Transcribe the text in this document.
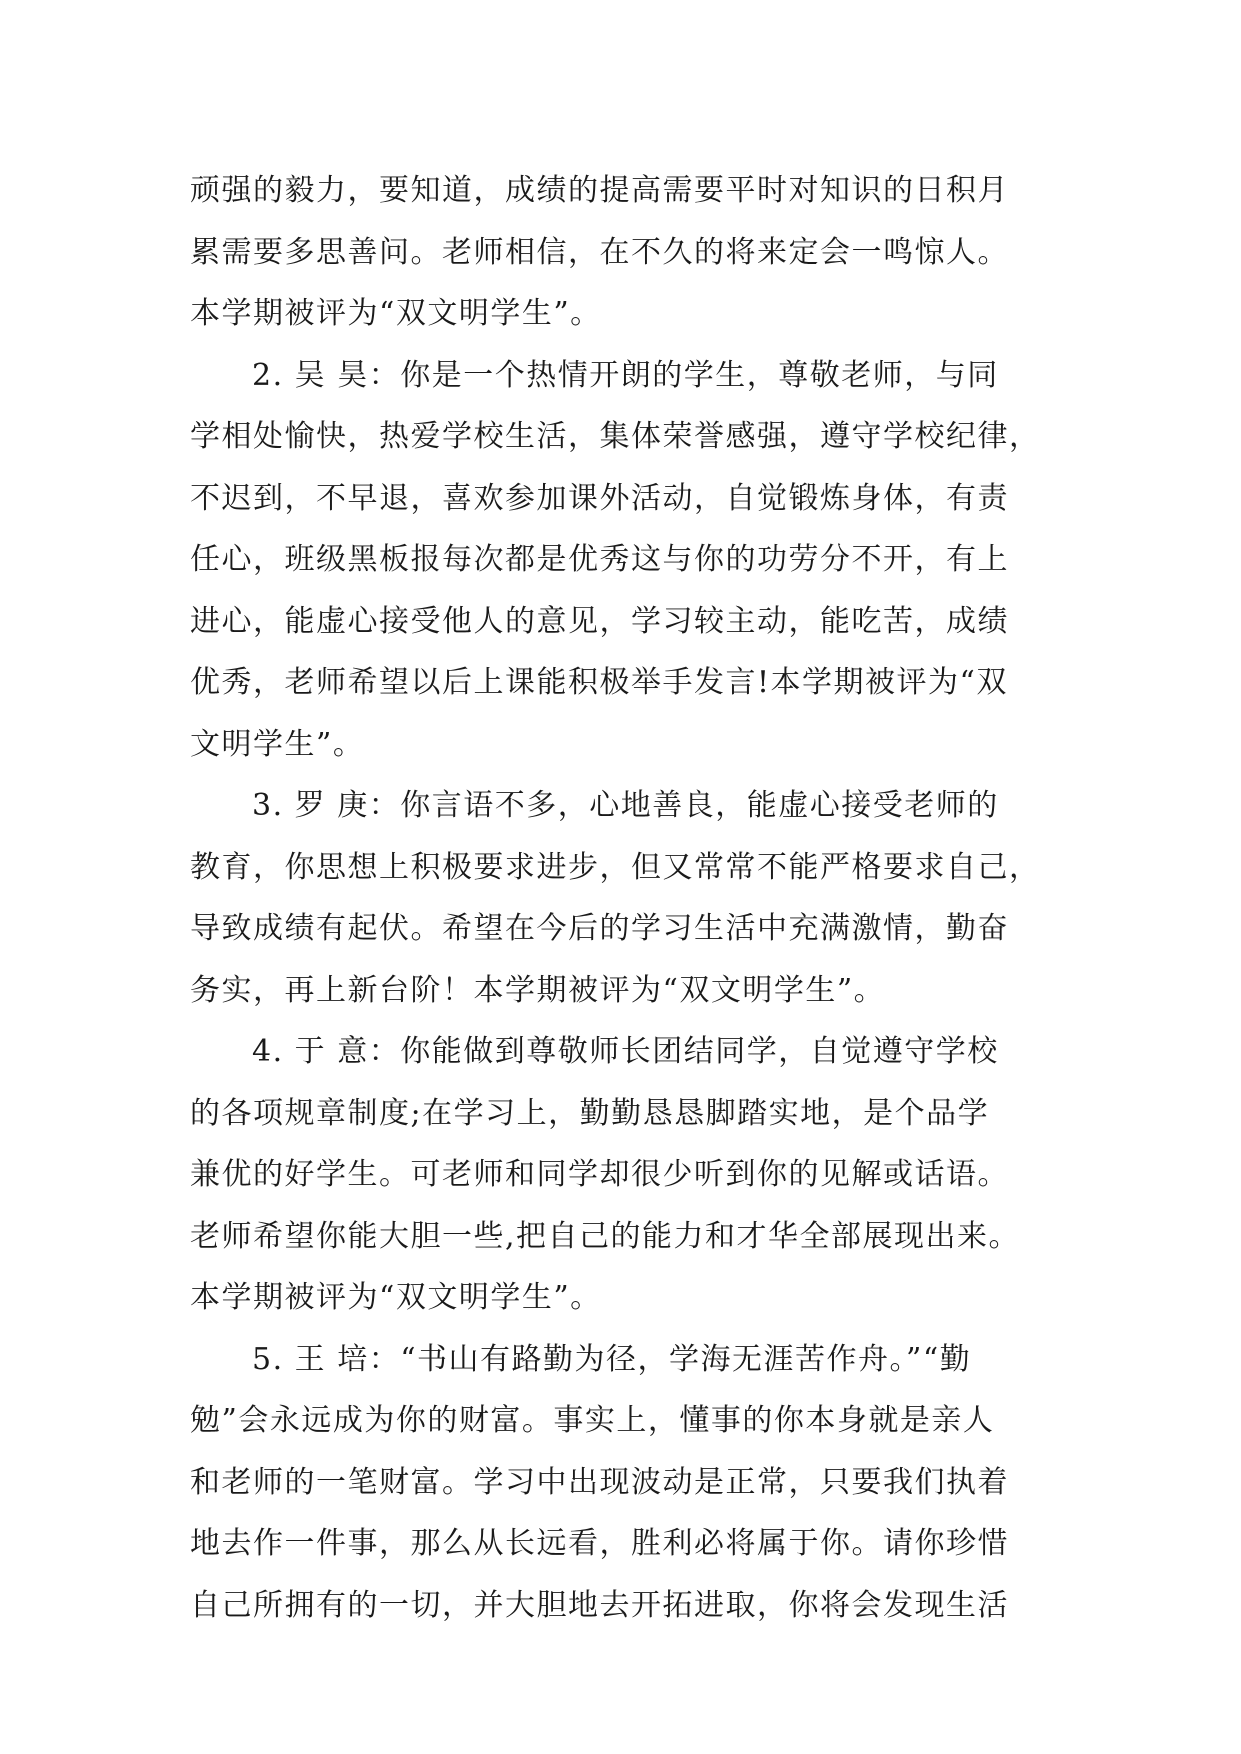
顽强的毅力，要知道，成绩的提高需要平时对知识的日积月
累需要多思善问。老师相信，在不久的将来定会一鸣惊人。
本学期被评为“双文明学生”。
2. 吴 昊：你是一个热情开朗的学生，尊敬老师，与同
学相处愉快，热爱学校生活，集体荣誉感强，遵守学校纪律，
不迟到，不早退，喜欢参加课外活动，自觉锻炼身体，有责
任心，班级黑板报每次都是优秀这与你的功劳分不开，有上
进心，能虚心接受他人的意见，学习较主动，能吃苦，成绩
优秀，老师希望以后上课能积极举手发言!本学期被评为“双
文明学生”。
3. 罗 庚：你言语不多，心地善良，能虚心接受老师的
教育，你思想上积极要求进步，但又常常不能严格要求自己，
导致成绩有起伏。希望在今后的学习生活中充满激情，勤奋
务实，再上新台阶！本学期被评为“双文明学生”。
4. 于 意：你能做到尊敬师长团结同学，自觉遵守学校
的各项规章制度;在学习上，勤勤恳恳脚踏实地，是个品学
兼优的好学生。可老师和同学却很少听到你的见解或话语。
老师希望你能大胆一些,把自己的能力和才华全部展现出来。
本学期被评为“双文明学生”。
5. 王 培：“书山有路勤为径，学海无涯苦作舟。”“勤
勉”会永远成为你的财富。事实上，懂事的你本身就是亲人
和老师的一笔财富。学习中出现波动是正常，只要我们执着
地去作一件事，那么从长远看，胜利必将属于你。请你珍惜
自己所拥有的一切，并大胆地去开拓进取，你将会发现生活
